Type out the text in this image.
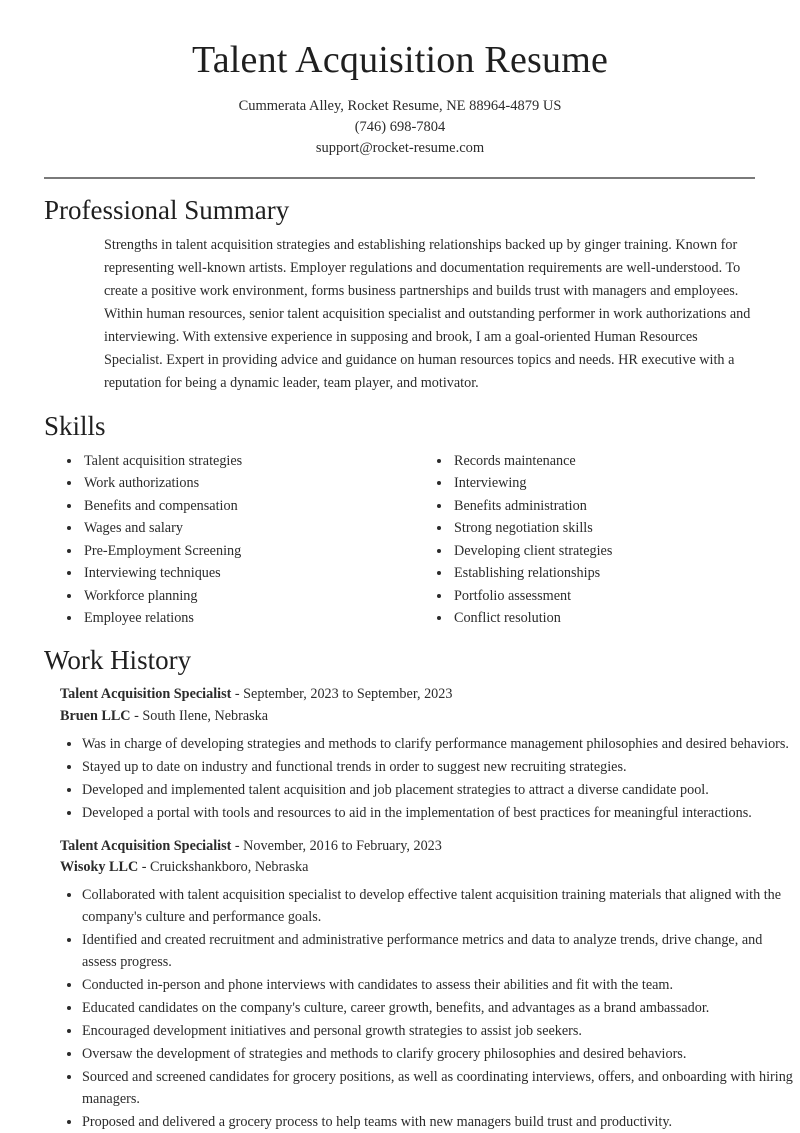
Talent Acquisition Resume
Cummerata Alley, Rocket Resume, NE 88964-4879 US
(746) 698-7804
support@rocket-resume.com
Professional Summary

Strengths in talent acquisition strategies and establishing relationships backed up by ginger training. Known for representing well-known artists. Employer regulations and documentation requirements are well-understood. To create a positive work environment, forms business partnerships and builds trust with managers and employees. Within human resources, senior talent acquisition specialist and outstanding performer in work authorizations and interviewing. With extensive experience in supposing and brook, I am a goal-oriented Human Resources Specialist. Expert in providing advice and guidance on human resources topics and needs. HR executive with a reputation for being a dynamic leader, team player, and motivator.

Skills
• Talent acquisition strategies
• Work authorizations
• Benefits and compensation
• Wages and salary
• Pre-Employment Screening
• Interviewing techniques
• Workforce planning
• Employee relations
• Records maintenance
• Interviewing
• Benefits administration
• Strong negotiation skills
• Developing client strategies
• Establishing relationships
• Portfolio assessment
• Conflict resolution
Work History
Talent Acquisition Specialist - September, 2023 to September, 2023
Bruen LLC - South Ilene, Nebraska
• Was in charge of developing strategies and methods to clarify performance management philosophies and desired behaviors.
• Stayed up to date on industry and functional trends in order to suggest new recruiting strategies.
• Developed and implemented talent acquisition and job placement strategies to attract a diverse candidate pool.
• Developed a portal with tools and resources to aid in the implementation of best practices for meaningful interactions.
Talent Acquisition Specialist - November, 2016 to February, 2023
Wisoky LLC - Cruickshankboro, Nebraska
• Collaborated with talent acquisition specialist to develop effective talent acquisition training materials that aligned with the company's culture and performance goals.
• Identified and created recruitment and administrative performance metrics and data to analyze trends, drive change, and assess progress.
• Conducted in-person and phone interviews with candidates to assess their abilities and fit with the team.
• Educated candidates on the company's culture, career growth, benefits, and advantages as a brand ambassador.
• Encouraged development initiatives and personal growth strategies to assist job seekers.
• Oversaw the development of strategies and methods to clarify grocery philosophies and desired behaviors.
• Sourced and screened candidates for grocery positions, as well as coordinating interviews, offers, and onboarding with hiring managers.
• Proposed and delivered a grocery process to help teams with new managers build trust and productivity.
